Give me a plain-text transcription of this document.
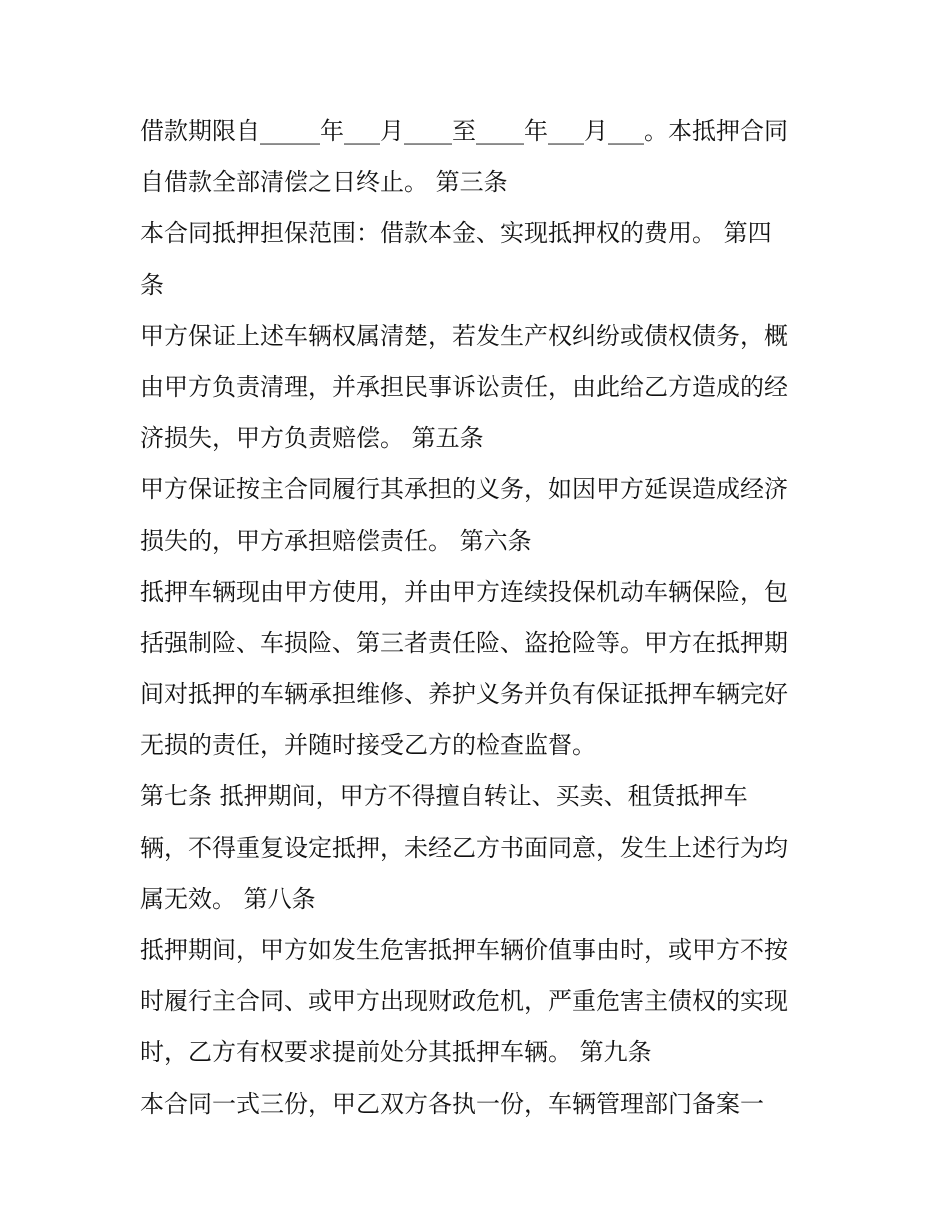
借款期限自_____年___月____至____年___月___。本抵押合同
自借款全部清偿之日终止。 第三条
本合同抵押担保范围：借款本金、实现抵押权的费用。 第四
条
甲方保证上述车辆权属清楚，若发生产权纠纷或债权债务，概
由甲方负责清理，并承担民事诉讼责任，由此给乙方造成的经
济损失，甲方负责赔偿。 第五条
甲方保证按主合同履行其承担的义务，如因甲方延误造成经济
损失的，甲方承担赔偿责任。 第六条
抵押车辆现由甲方使用，并由甲方连续投保机动车辆保险，包
括强制险、车损险、第三者责任险、盗抢险等。甲方在抵押期
间对抵押的车辆承担维修、养护义务并负有保证抵押车辆完好
无损的责任，并随时接受乙方的检查监督。
第七条 抵押期间，甲方不得擅自转让、买卖、租赁抵押车
辆，不得重复设定抵押，未经乙方书面同意，发生上述行为均
属无效。 第八条
抵押期间，甲方如发生危害抵押车辆价值事由时，或甲方不按
时履行主合同、或甲方出现财政危机，严重危害主债权的实现
时，乙方有权要求提前处分其抵押车辆。 第九条
本合同一式三份，甲乙双方各执一份，车辆管理部门备案一
